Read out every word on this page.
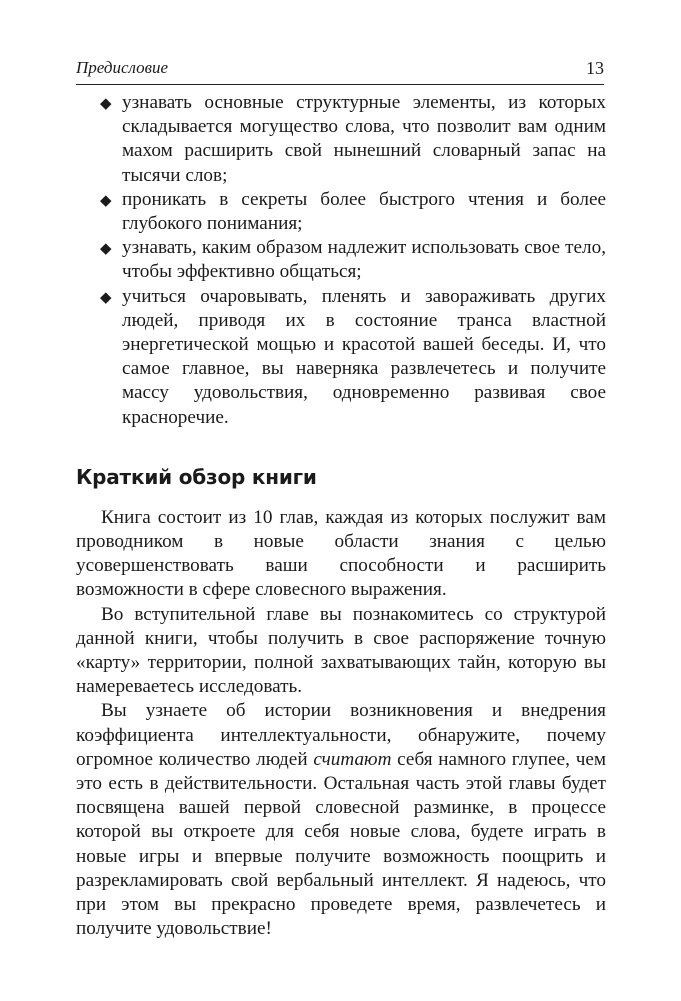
Предисловие	13
◆ узнавать основные структурные элементы, из которых складывается могущество слова, что позволит вам одним махом расширить свой нынешний словарный запас на тысячи слов;
◆ проникать в секреты более быстрого чтения и более глубокого понимания;
◆ узнавать, каким образом надлежит использовать свое тело, чтобы эффективно общаться;
◆ учиться очаровывать, пленять и завораживать других людей, приводя их в состояние транса властной энергетической мощью и красотой вашей беседы. И, что самое главное, вы наверняка развлечетесь и получите массу удовольствия, одновременно развивая свое красноречие.
Краткий обзор книги

Книга состоит из 10 глав, каждая из которых послужит вам проводником в новые области знания с целью усовершенствовать ваши способности и расширить возможности в сфере словесного выражения.

Во вступительной главе вы познакомитесь со структурой данной книги, чтобы получить в свое распоряжение точную «карту» территории, полной захватывающих тайн, которую вы намереваетесь исследовать.

Вы узнаете об истории возникновения и внедрения коэффициента интеллектуальности, обнаружите, почему огромное количество людей считают себя намного глупее, чем это есть в действительности. Остальная часть этой главы будет посвящена вашей первой словесной разминке, в процессе которой вы откроете для себя новые слова, будете играть в новые игры и впервые получите возможность поощрить и разрекламировать свой вербальный интеллект. Я надеюсь, что при этом вы прекрасно проведете время, развлечетесь и получите удовольствие!
